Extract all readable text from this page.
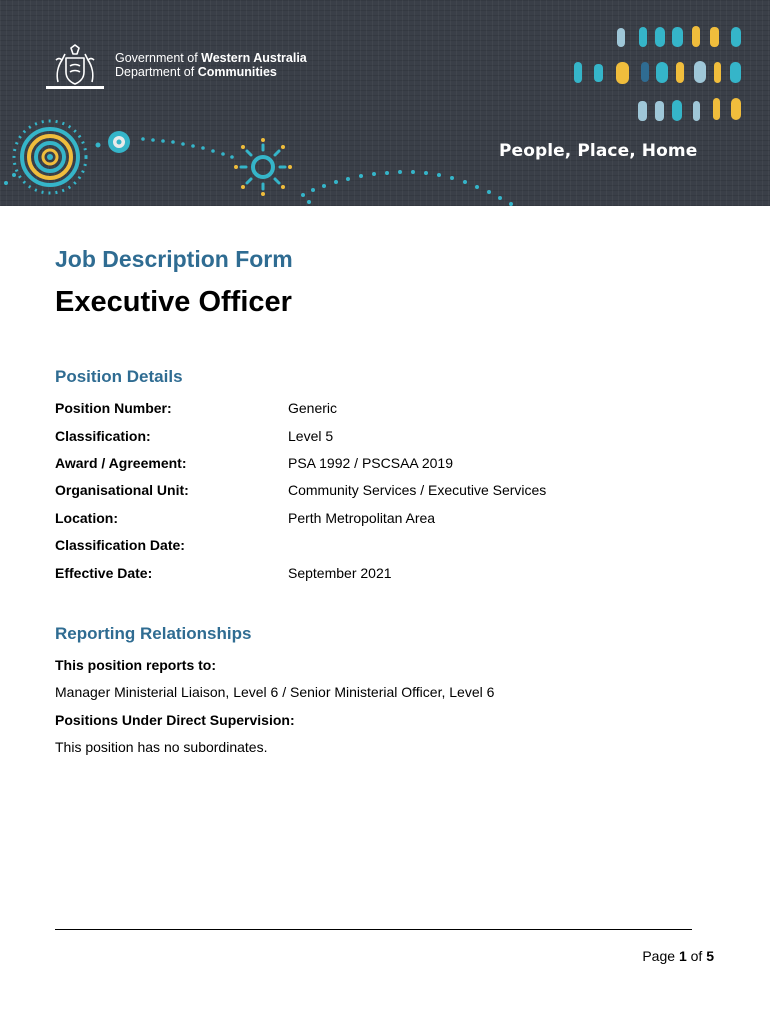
Government of Western Australia
Department of Communities
People, Place, Home
Job Description Form
Executive Officer
Position Details
Position Number:	Generic
Classification:	Level 5
Award / Agreement:	PSA 1992 / PSCSAA 2019
Organisational Unit:	Community Services / Executive Services
Location:	Perth Metropolitan Area
Classification Date:
Effective Date:	September 2021
Reporting Relationships
This position reports to:
Manager Ministerial Liaison, Level 6 / Senior Ministerial Officer, Level 6
Positions Under Direct Supervision:
This position has no subordinates.
Page 1 of 5
